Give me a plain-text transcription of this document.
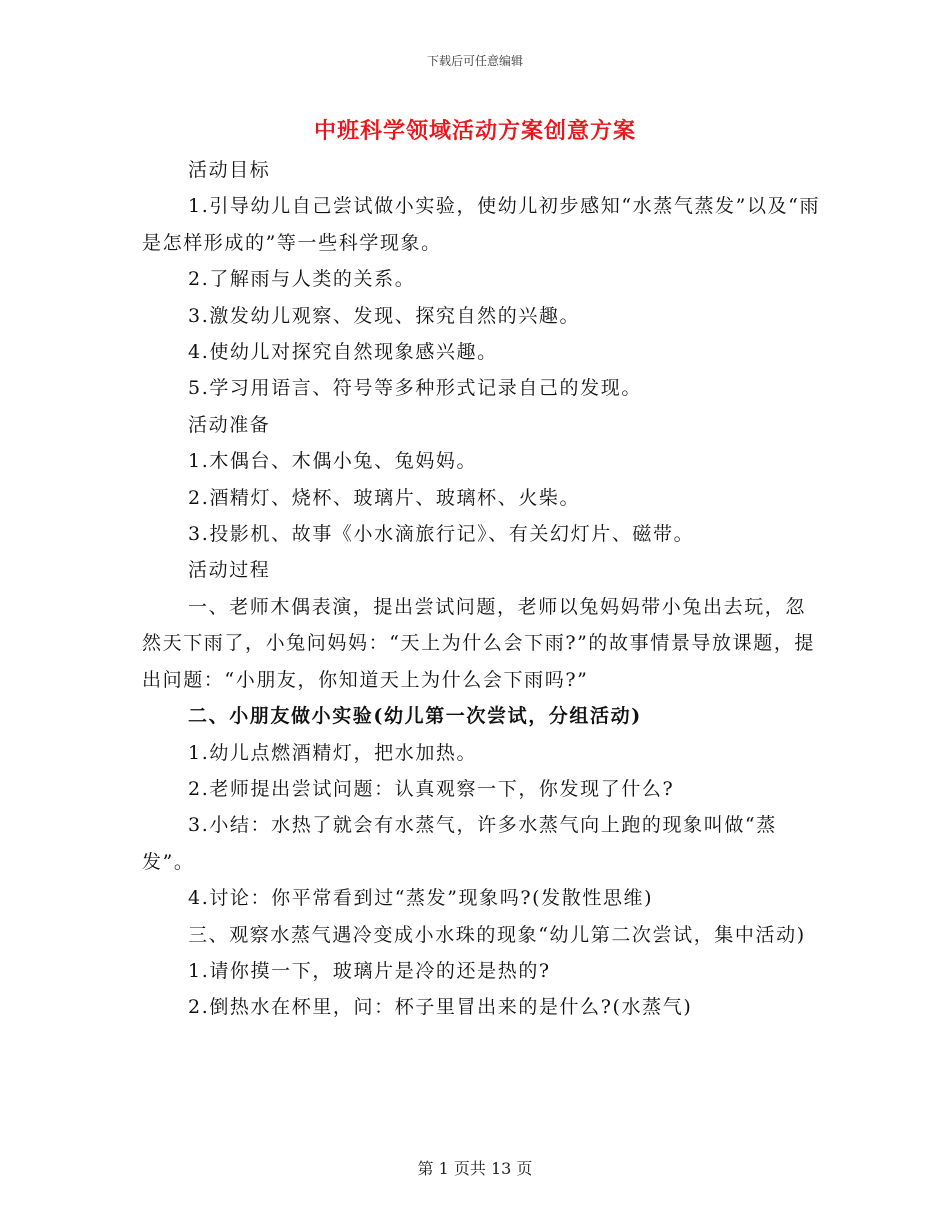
下载后可任意编辑
中班科学领域活动方案创意方案

活动目标

1.引导幼儿自己尝试做小实验，使幼儿初步感知“水蒸气蒸发”以及“雨是怎样形成的”等一些科学现象。

2.了解雨与人类的关系。

3.激发幼儿观察、发现、探究自然的兴趣。

4.使幼儿对探究自然现象感兴趣。

5.学习用语言、符号等多种形式记录自己的发现。

活动准备

1.木偶台、木偶小兔、兔妈妈。

2.酒精灯、烧杯、玻璃片、玻璃杯、火柴。

3.投影机、故事《小水滴旅行记》、有关幻灯片、磁带。

活动过程

一、老师木偶表演，提出尝试问题，老师以兔妈妈带小兔出去玩，忽然天下雨了，小兔问妈妈：“天上为什么会下雨?”的故事情景导放课题，提出问题：“小朋友，你知道天上为什么会下雨吗?”

二、小朋友做小实验(幼儿第一次尝试，分组活动)

1.幼儿点燃酒精灯，把水加热。

2.老师提出尝试问题：认真观察一下，你发现了什么?

3.小结：水热了就会有水蒸气，许多水蒸气向上跑的现象叫做“蒸发”。

4.讨论：你平常看到过“蒸发”现象吗?(发散性思维)

三、观察水蒸气遇冷变成小水珠的现象“幼儿第二次尝试，集中活动)

1.请你摸一下，玻璃片是冷的还是热的?

2.倒热水在杯里，问：杯子里冒出来的是什么?(水蒸气)

第 1 页共 13 页
